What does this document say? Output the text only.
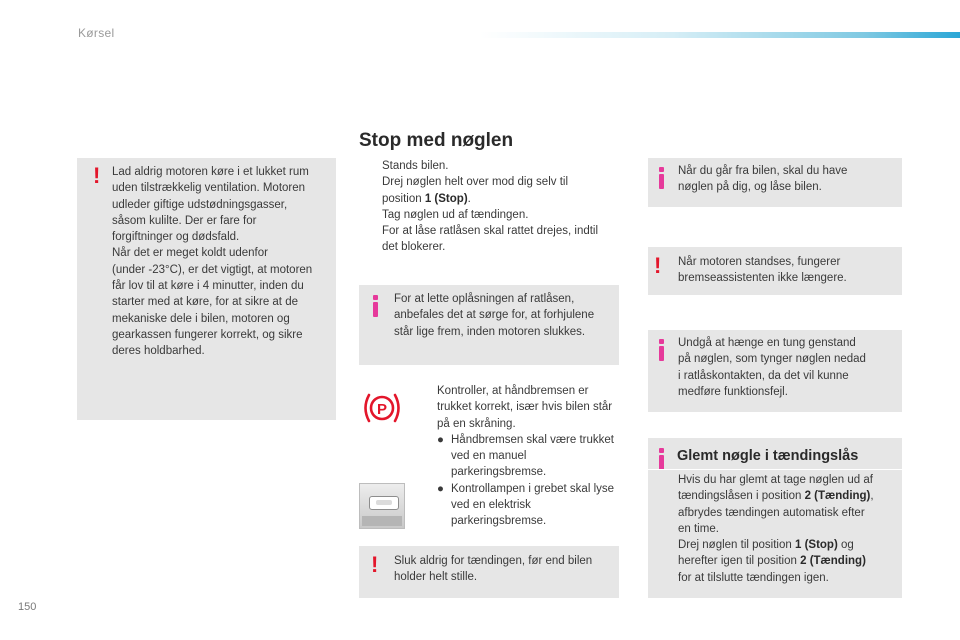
Kørsel
! Lad aldrig motoren køre i et lukket rum
uden tilstrækkelig ventilation. Motoren
udleder giftige udstødningsgasser,
såsom kulilte. Der er fare for
forgiftninger og dødsfald.
Når det er meget koldt udenfor
(under -23°C), er det vigtigt, at motoren
får lov til at køre i 4 minutter, inden du
starter med at køre, for at sikre at de
mekaniske dele i bilen, motoren og
gearkassen fungerer korrekt, og sikre
deres holdbarhed.
Stop med nøglen
Stands bilen.
Drej nøglen helt over mod dig selv til
position 1 (Stop).
Tag nøglen ud af tændingen.
For at låse ratlåsen skal rattet drejes, indtil
det blokerer.
For at lette oplåsningen af ratlåsen,
anbefales det at sørge for, at forhjulene
står lige frem, inden motoren slukkes.
P
Kontroller, at håndbremsen er trukket korrekt, især hvis bilen står på en skråning.
● Håndbremsen skal være trukket ved en manuel parkeringsbremse.
● Kontrollampen i grebet skal lyse ved en elektrisk parkeringsbremse.
! Sluk aldrig for tændingen, før end bilen
holder helt stille.
Når du går fra bilen, skal du have
nøglen på dig, og låse bilen.
! Når motoren standses, fungerer
bremseassistenten ikke længere.
Undgå at hænge en tung genstand
på nøglen, som tynger nøglen nedad
i ratlåskontakten, da det vil kunne
medføre funktionsfejl.
Hvis du har glemt at tage nøglen ud af
tændingslåsen i position 2 (Tænding),
afbrydes tændingen automatisk efter
en time.
Drej nøglen til position 1 (Stop) og
herefter igen til position 2 (Tænding)
for at tilslutte tændingen igen.
Glemt nøgle i tændingslås
150
